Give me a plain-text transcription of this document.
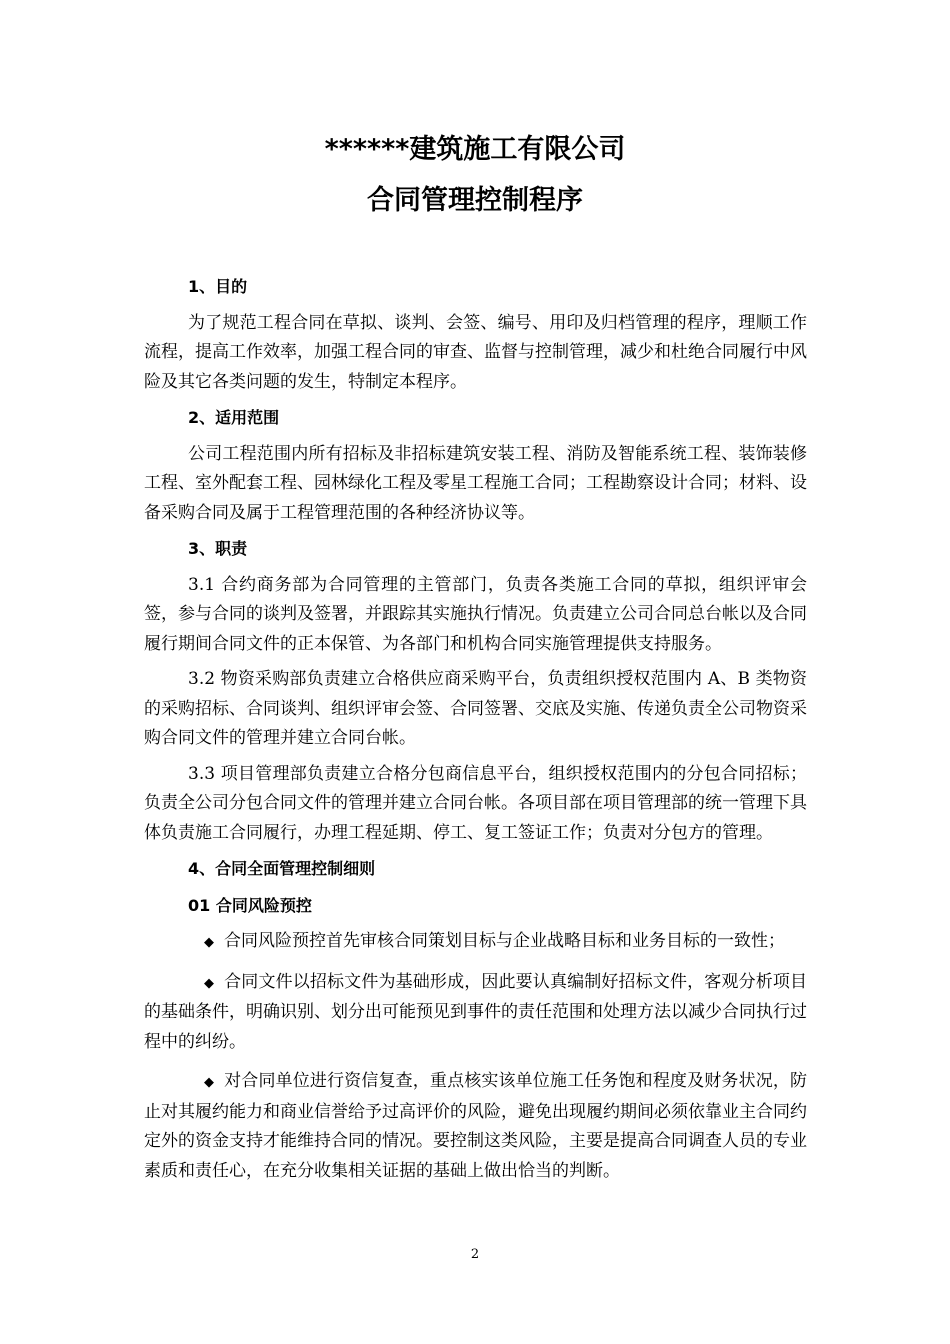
******建筑施工有限公司
合同管理控制程序
1、目的
为了规范工程合同在草拟、谈判、会签、编号、用印及归档管理的程序，理顺工作流程，提高工作效率，加强工程合同的审查、监督与控制管理，减少和杜绝合同履行中风险及其它各类问题的发生，特制定本程序。
2、适用范围
公司工程范围内所有招标及非招标建筑安装工程、消防及智能系统工程、装饰装修工程、室外配套工程、园林绿化工程及零星工程施工合同；工程勘察设计合同；材料、设备采购合同及属于工程管理范围的各种经济协议等。
3、职责
3.1 合约商务部为合同管理的主管部门，负责各类施工合同的草拟，组织评审会签，参与合同的谈判及签署，并跟踪其实施执行情况。负责建立公司合同总台帐以及合同履行期间合同文件的正本保管、为各部门和机构合同实施管理提供支持服务。
3.2 物资采购部负责建立合格供应商采购平台，负责组织授权范围内 A、B 类物资的采购招标、合同谈判、组织评审会签、合同签署、交底及实施、传递负责全公司物资采购合同文件的管理并建立合同台帐。
3.3 项目管理部负责建立合格分包商信息平台，组织授权范围内的分包合同招标；负责全公司分包合同文件的管理并建立合同台帐。各项目部在项目管理部的统一管理下具体负责施工合同履行，办理工程延期、停工、复工签证工作；负责对分包方的管理。
4、合同全面管理控制细则
01 合同风险预控
◆ 合同风险预控首先审核合同策划目标与企业战略目标和业务目标的一致性；
◆ 合同文件以招标文件为基础形成，因此要认真编制好招标文件，客观分析项目的基础条件，明确识别、划分出可能预见到事件的责任范围和处理方法以减少合同执行过程中的纠纷。
◆ 对合同单位进行资信复查，重点核实该单位施工任务饱和程度及财务状况，防止对其履约能力和商业信誉给予过高评价的风险，避免出现履约期间必须依靠业主合同约定外的资金支持才能维持合同的情况。要控制这类风险，主要是提高合同调查人员的专业素质和责任心，在充分收集相关证据的基础上做出恰当的判断。
2
